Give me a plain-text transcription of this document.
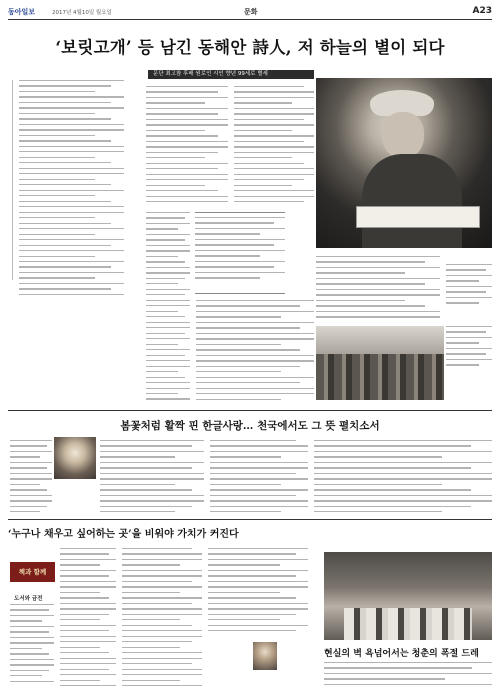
동아일보	2017년 4월10일 월요일	문화	A23
‘보릿고개’ 등 남긴 동해안 詩人, 저 하늘의 별이 되다
문단 최고참 후배 원로인 시인 향년 99세로 별세
봄꽃처럼 활짝 핀 한글사랑… 천국에서도 그 뜻 펼치소서
‘누구나 채우고 싶어하는 곳’을 비워야 가치가 커진다
책과 함께
도서와 금전
현실의 벽 욕넘어서는 청춘의 폭절 드레
